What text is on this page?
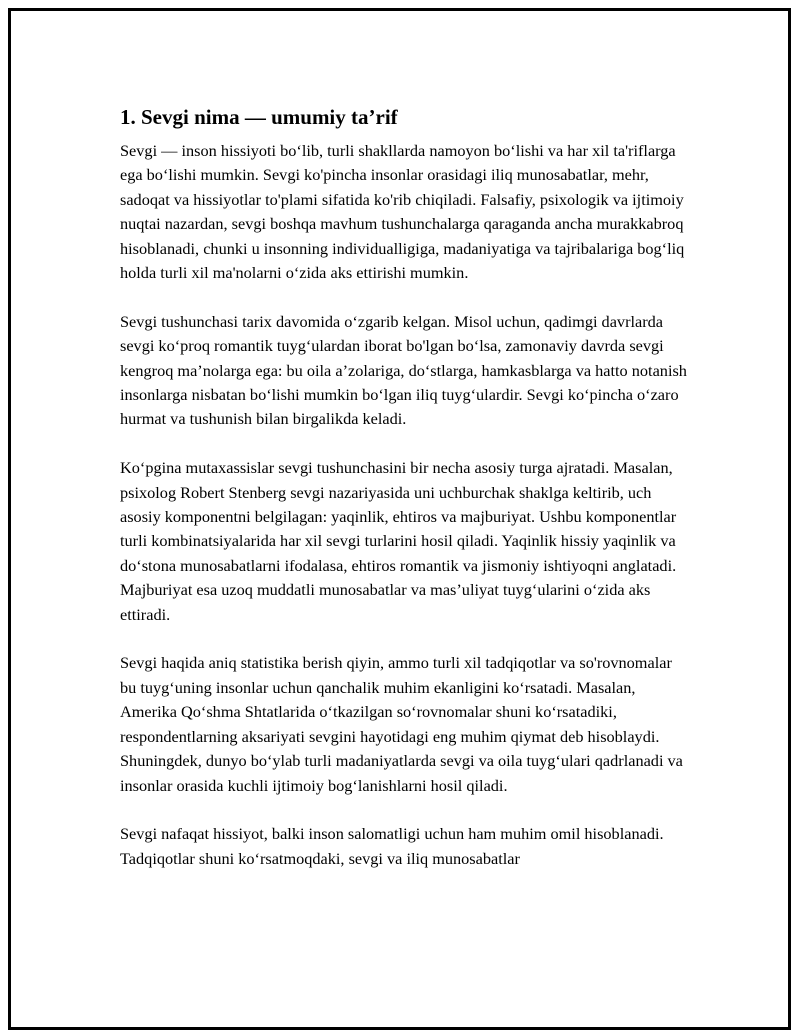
1. Sevgi nima — umumiy ta’rif

Sevgi — inson hissiyoti bo‘lib, turli shakllarda namoyon bo‘lishi va har xil ta'riflarga ega bo‘lishi mumkin. Sevgi ko'pincha insonlar orasidagi iliq munosabatlar, mehr, sadoqat va hissiyotlar to'plami sifatida ko'rib chiqiladi. Falsafiy, psixologik va ijtimoiy nuqtai nazardan, sevgi boshqa mavhum tushunchalarga qaraganda ancha murakkabroq hisoblanadi, chunki u insonning individualligiga, madaniyatiga va tajribalariga bog‘liq holda turli xil ma'nolarni o‘zida aks ettirishi mumkin.

Sevgi tushunchasi tarix davomida o‘zgarib kelgan. Misol uchun, qadimgi davrlarda sevgi ko‘proq romantik tuyg‘ulardan iborat bo'lgan bo‘lsa, zamonaviy davrda sevgi kengroq ma’nolarga ega: bu oila a’zolariga, do‘stlarga, hamkasblarga va hatto notanish insonlarga nisbatan bo‘lishi mumkin bo‘lgan iliq tuyg‘ulardir. Sevgi ko‘pincha o‘zaro hurmat va tushunish bilan birgalikda keladi.

Ko‘pgina mutaxassislar sevgi tushunchasini bir necha asosiy turga ajratadi. Masalan, psixolog Robert Stenberg sevgi nazariyasida uni uchburchak shaklga keltirib, uch asosiy komponentni belgilagan: yaqinlik, ehtiros va majburiyat. Ushbu komponentlar turli kombinatsiyalarida har xil sevgi turlarini hosil qiladi. Yaqinlik hissiy yaqinlik va do‘stona munosabatlarni ifodalasa, ehtiros romantik va jismoniy ishtiyoqni anglatadi. Majburiyat esa uzoq muddatli munosabatlar va mas’uliyat tuyg‘ularini o‘zida aks ettiradi.

Sevgi haqida aniq statistika berish qiyin, ammo turli xil tadqiqotlar va so'rovnomalar bu tuyg‘uning insonlar uchun qanchalik muhim ekanligini ko‘rsatadi. Masalan, Amerika Qo‘shma Shtatlarida o‘tkazilgan so‘rovnomalar shuni ko‘rsatadiki, respondentlarning aksariyati sevgini hayotidagi eng muhim qiymat deb hisoblaydi. Shuningdek, dunyo bo‘ylab turli madaniyatlarda sevgi va oila tuyg‘ulari qadrlanadi va insonlar orasida kuchli ijtimoiy bog‘lanishlarni hosil qiladi.

Sevgi nafaqat hissiyot, balki inson salomatligi uchun ham muhim omil hisoblanadi. Tadqiqotlar shuni ko‘rsatmoqdaki, sevgi va iliq munosabatlar
